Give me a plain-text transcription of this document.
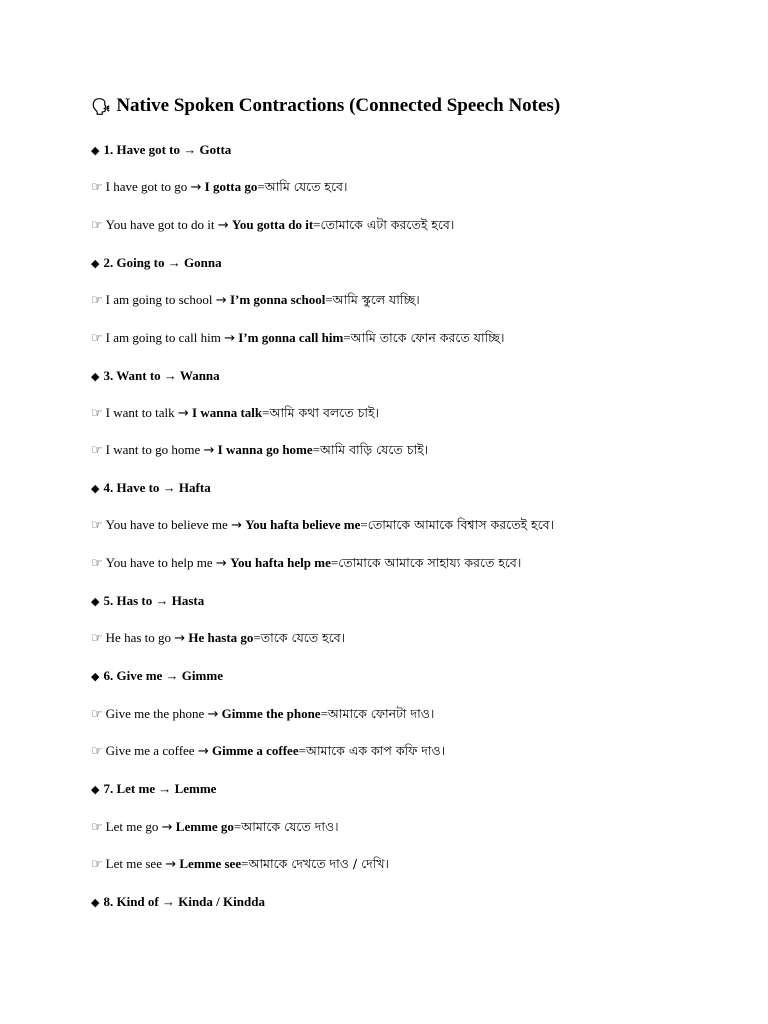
🗣 Native Spoken Contractions (Connected Speech Notes)
◆ 1. Have got to → Gotta
☞ I have got to go → I gotta go=আমি যেতে হবে।
☞ You have got to do it → You gotta do it=তোমাকে এটা করতেই হবে।
◆ 2. Going to → Gonna
☞ I am going to school → I’m gonna school=আমি স্কুলে যাচ্ছি।
☞ I am going to call him → I’m gonna call him=আমি তাকে ফোন করতে যাচ্ছি।
◆ 3. Want to → Wanna
☞ I want to talk → I wanna talk=আমি কথা বলতে চাই।
☞ I want to go home → I wanna go home=আমি বাড়ি যেতে চাই।
◆ 4. Have to → Hafta
☞ You have to believe me → You hafta believe me=তোমাকে আমাকে বিশ্বাস করতেই হবে।
☞ You have to help me → You hafta help me=তোমাকে আমাকে সাহায্য করতে হবে।
◆ 5. Has to → Hasta
☞ He has to go → He hasta go=তাকে যেতে হবে।
◆ 6. Give me → Gimme
☞ Give me the phone → Gimme the phone=আমাকে ফোনটা দাও।
☞ Give me a coffee → Gimme a coffee=আমাকে এক কাপ কফি দাও।
◆ 7. Let me → Lemme
☞ Let me go → Lemme go=আমাকে যেতে দাও।
☞ Let me see → Lemme see=আমাকে দেখতে দাও / দেখি।
◆ 8. Kind of → Kinda / Kindda
